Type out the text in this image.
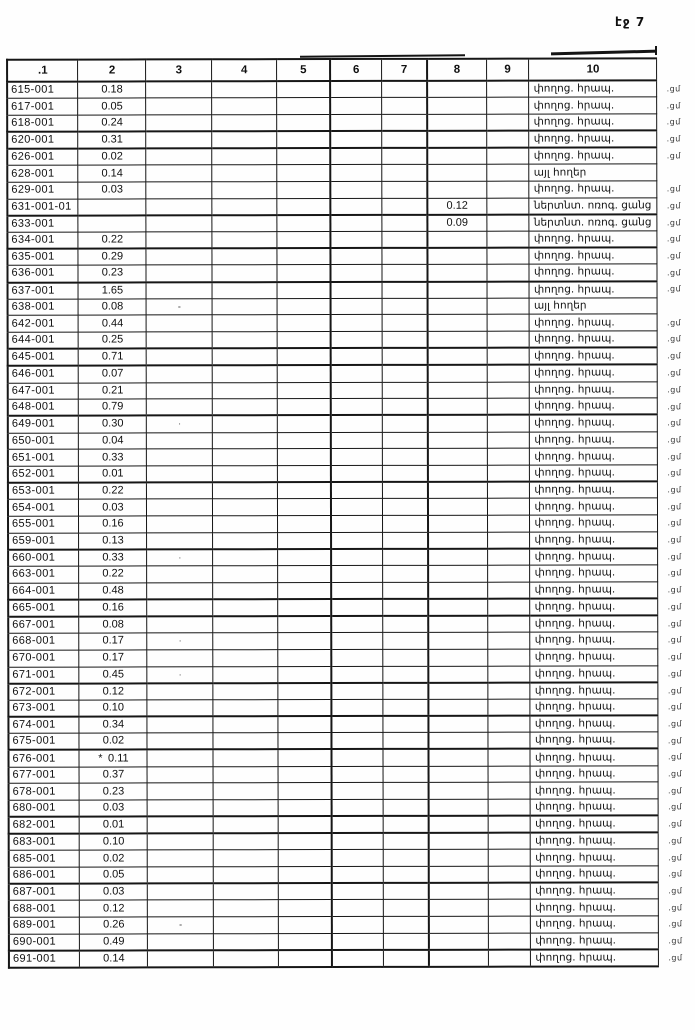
էջ 7
.1	2	3	4	5	6	7	8	9	10	
615-001	0.18								փողոց. հրապ.	.ցմ
617-001	0.05								փողոց. հրապ.	.ցմ
618-001	0.24								փողոց. հրապ.	.ցմ
620-001	0.31								փողոց. հրապ.	.ցմ
626-001	0.02								փողոց. հրապ.	.ցմ
628-001	0.14								այլ հողեր	
629-001	0.03								փողոց. հրապ.	.ցմ
631-001-01							0.12		ներտնտ. ոռոգ. ցանց	.ցմ
633-001							0.09		ներտնտ. ոռոգ. ցանց	.ցմ
634-001	0.22								փողոց. հրապ.	.ցմ
635-001	0.29								փողոց. հրապ.	.ցմ
636-001	0.23								փողոց. հրապ.	.ցմ
637-001	1.65								փողոց. հրապ.	.ցմ
638-001	0.08	-							այլ հողեր	
642-001	0.44								փողոց. հրապ.	.ցմ
644-001	0.25								փողոց. հրապ.	.ցմ
645-001	0.71								փողոց. հրապ.	.ցմ
646-001	0.07								փողոց. հրապ.	.ցմ
647-001	0.21								փողոց. հրապ.	.ցմ
648-001	0.79								փողոց. հրապ.	.ցմ
649-001	0.30	·							փողոց. հրապ.	.ցմ
650-001	0.04								փողոց. հրապ.	.ցմ
651-001	0.33								փողոց. հրապ.	.ցմ
652-001	0.01								փողոց. հրապ.	.ցմ
653-001	0.22								փողոց. հրապ.	.ցմ
654-001	0.03								փողոց. հրապ.	.ցմ
655-001	0.16								փողոց. հրապ.	.ցմ
659-001	0.13								փողոց. հրապ.	.ցմ
660-001	0.33	·							փողոց. հրապ.	.ցմ
663-001	0.22								փողոց. հրապ.	.ցմ
664-001	0.48								փողոց. հրապ.	.ցմ
665-001	0.16								փողոց. հրապ.	.ցմ
667-001	0.08								փողոց. հրապ.	.ցմ
668-001	0.17	·							փողոց. հրապ.	.ցմ
670-001	0.17								փողոց. հրապ.	.ցմ
671-001	0.45	·							փողոց. հրապ.	.ցմ
672-001	0.12								փողոց. հրապ.	.ցմ
673-001	0.10								փողոց. հրապ.	.ցմ
674-001	0.34								փողոց. հրապ.	.ցմ
675-001	0.02								փողոց. հրապ.	.ցմ
676-001	* 0.11								փողոց. հրապ.	.ցմ
677-001	0.37								փողոց. հրապ.	.ցմ
678-001	0.23								փողոց. հրապ.	.ցմ
680-001	0.03								փողոց. հրապ.	.ցմ
682-001	0.01								փողոց. հրապ.	.ցմ
683-001	0.10								փողոց. հրապ.	.ցմ
685-001	0.02								փողոց. հրապ.	.ցմ
686-001	0.05								փողոց. հրապ.	.ցմ
687-001	0.03								փողոց. հրապ.	.ցմ
688-001	0.12								փողոց. հրապ.	.ցմ
689-001	0.26	-							փողոց. հրապ.	.ցմ
690-001	0.49								փողոց. հրապ.	.ցմ
691-001	0.14								փողոց. հրապ.	.ցմ
